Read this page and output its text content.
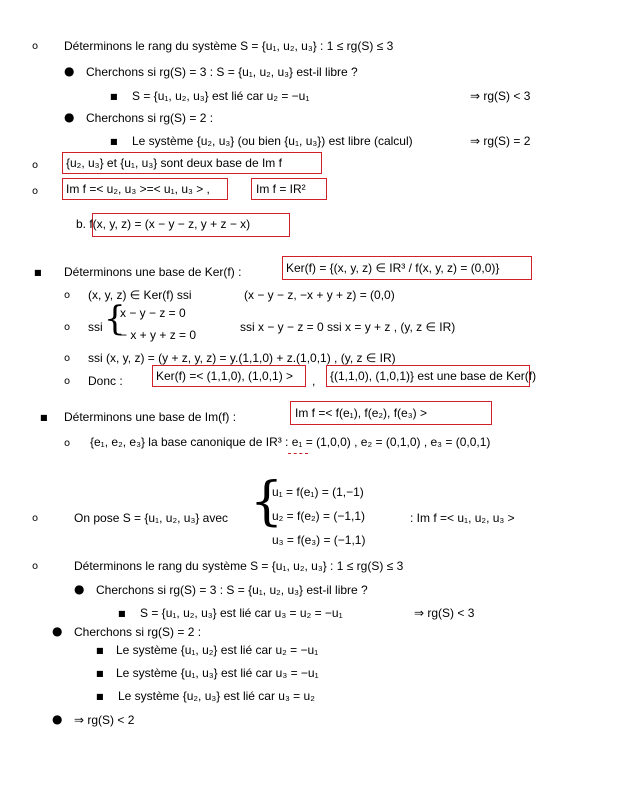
o Déterminons le rang du système S = {u₁, u₂, u₃} : 1 ≤ rg(S) ≤ 3
● Cherchons si rg(S) = 3 : S = {u₁, u₂, u₃} est-il libre ?
■ S = {u₁, u₂, u₃} est lié car u₂ = −u₁	⇒ rg(S) < 3
● Cherchons si rg(S) = 2 :
■ Le système {u₂, u₃} (ou bien {u₁, u₃}) est libre (calcul)	⇒ rg(S) = 2
o {u₂, u₃} et {u₁, u₃} sont deux base de Im f
o Im f =< u₂, u₃ >=< u₁, u₃ > ,	Im f = IR²
b. f(x, y, z) = (x − y − z, y + z − x)
■ Déterminons une base de Ker(f) :	Ker(f) = {(x, y, z) ∈ IR³ / f(x, y, z) = (0,0)}
o (x, y, z) ∈ Ker(f) ssi	(x − y − z, −x + y + z) = (0,0)
o ssi {
x − y − z = 0
− x + y + z = 0
ssi x − y − z = 0 ssi x = y + z , (y, z ∈ IR)
o ssi (x, y, z) = (y + z, y, z) = y.(1,1,0) + z.(1,0,1) , (y, z ∈ IR)
o Donc :	Ker(f) =< (1,1,0), (1,0,1) > , {(1,1,0), (1,0,1)} est une base de Ker(f)
■ Déterminons une base de Im(f) :	Im f =< f(e₁), f(e₂), f(e₃) >
o {e₁, e₂, e₃} la base canonique de IR³ : e₁ = (1,0,0) , e₂ = (0,1,0) , e₃ = (0,0,1)
o	On pose S = {u₁, u₂, u₃} avec {
u₁ = f(e₁) = (1,−1)
u₂ = f(e₂) = (−1,1)
u₃ = f(e₃) = (−1,1)
: Im f =< u₁, u₂, u₃ >
o	Déterminons le rang du système S = {u₁, u₂, u₃} : 1 ≤ rg(S) ≤ 3
● Cherchons si rg(S) = 3 : S = {u₁, u₂, u₃} est-il libre ?
■ S = {u₁, u₂, u₃} est lié car u₃ = u₂ = −u₁	⇒ rg(S) < 3
● Cherchons si rg(S) = 2 :
■ Le système {u₁, u₂} est lié car u₂ = −u₁
■ Le système {u₁, u₃} est lié car u₃ = −u₁
■ Le système {u₂, u₃} est lié car u₃ = u₂
● ⇒ rg(S) < 2
